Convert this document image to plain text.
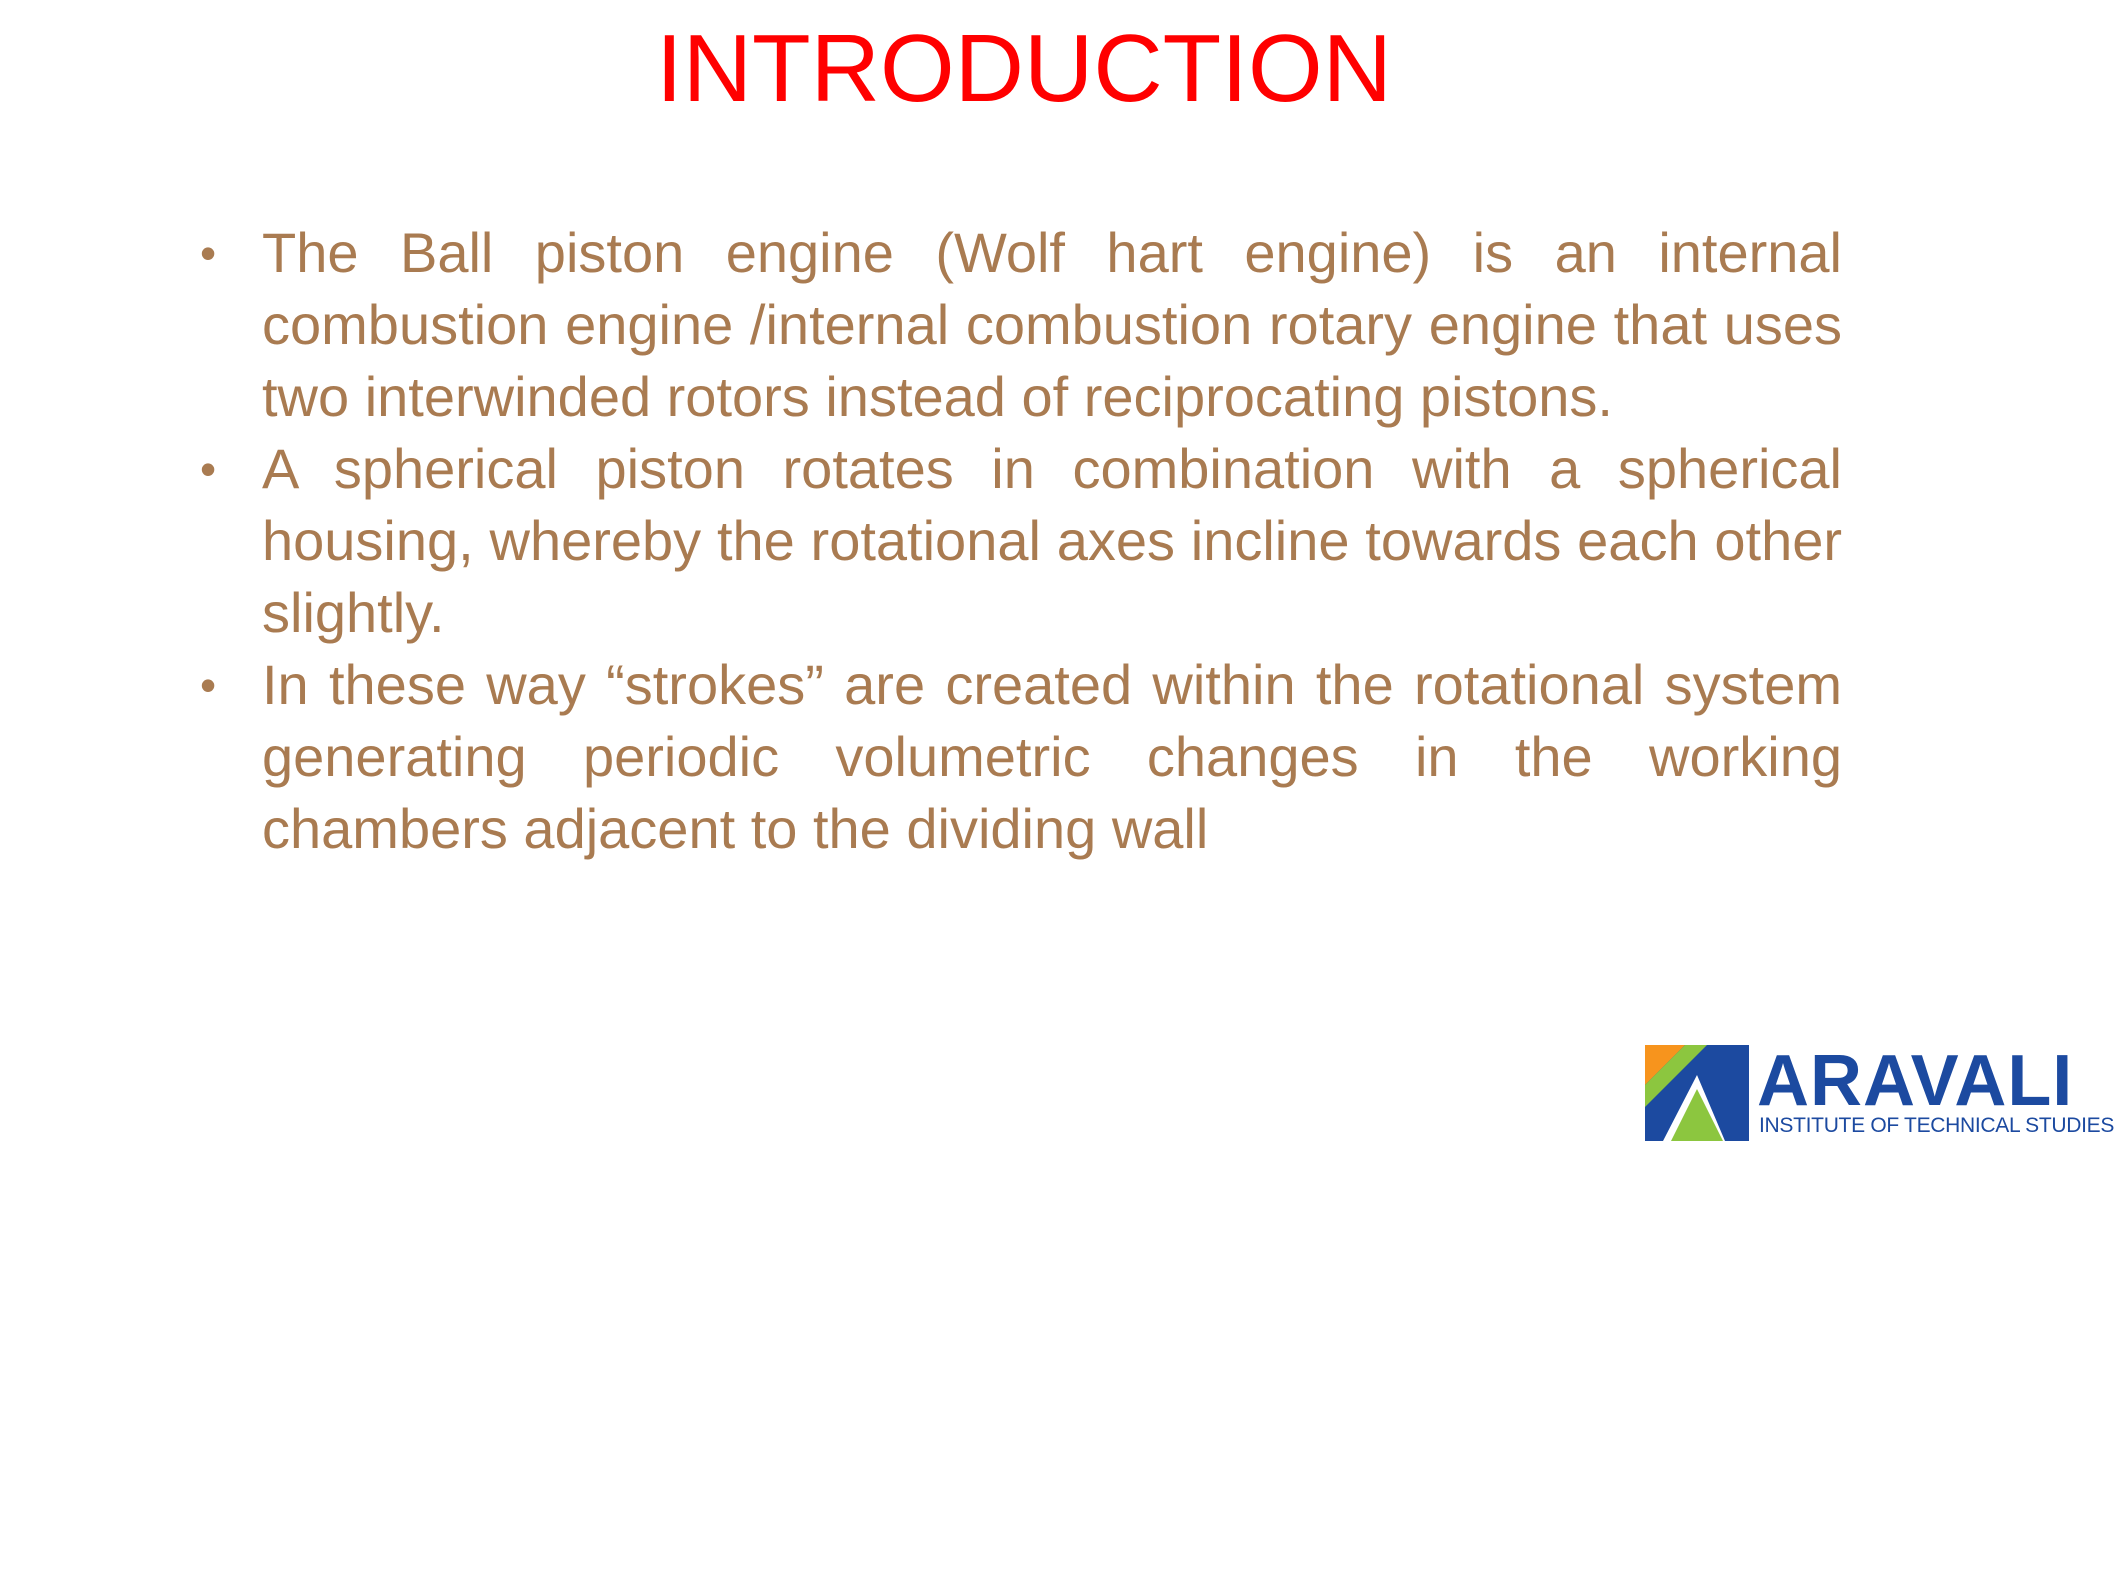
INTRODUCTION
• The Ball piston engine (Wolf hart engine) is an internal combustion engine /internal combustion rotary engine that uses two interwinded rotors instead of reciprocating pistons.
• A spherical piston rotates in combination with a spherical housing, whereby the rotational axes incline towards each other slightly.
• In these way “strokes” are created within the rotational system generating periodic volumetric changes in the working chambers adjacent to the dividing wall
ARAVALI
INSTITUTE OF TECHNICAL STUDIES
